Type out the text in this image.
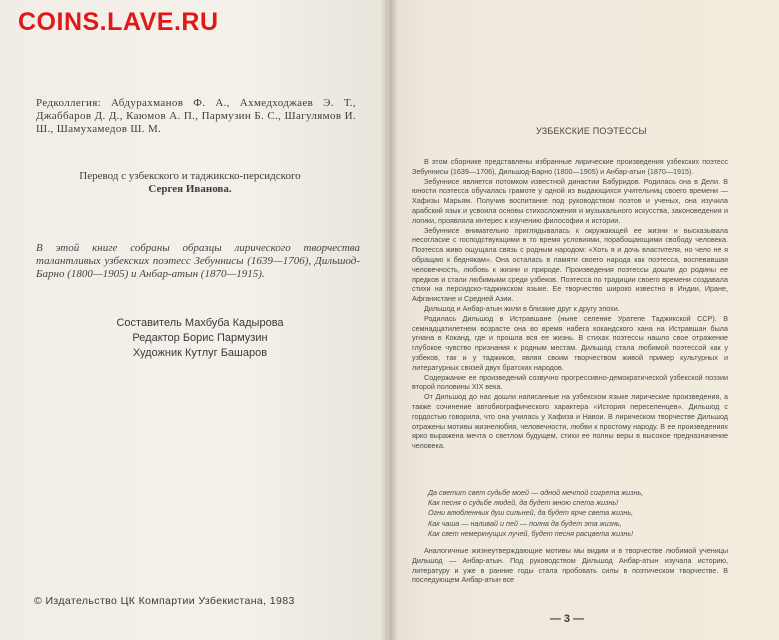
COINS.LAVE.RU
Редколлегия: Абдурахманов Ф. А., Ахмедходжаев Э. Т., Джаббаров Д. Д., Каюмов А. П., Пармузин Б. С., Шагулямов И. Ш., Шамухамедов Ш. М.
Перевод с узбекского и таджикско-персидского
Сергея Иванова.
В этой книге собраны образцы лирического творчества талантливых узбекских поэтесс Зебуннисы (1639—1706), Дильшод-Барно (1800—1905) и Анбар-атын (1870—1915).
Составитель Махбуба Кадырова
Редактор Борис Пармузин
Художник Кутлуг Башаров
© Издательство ЦК Компартии Узбекистана, 1983
УЗБЕКСКИЕ ПОЭТЕССЫ

В этом сборнике представлены избранные лирические произведения узбекских поэтесс Зебуннисы (1639—1706), Дильшод-Барно (1800—1905) и Анбар-атын (1870—1915).

Зебуннисе является потомком известной династии Бабуридов. Родилась она в Дели. В юности поэтесса обучалась грамоте у одной из выдающихся учительниц своего времени — Хафизы Марьям. Получив воспитание под руководством поэтов и ученых, она изучила арабский язык и усвоила основы стихосложения и музыкального искусства, законоведения и логики, проявляла интерес к изучению философии и истории.

Зебуннисе внимательно приглядывалась к окружающей ее жизни и высказывала несогласие с господствующими в то время условиями, порабощающими свободу человека. Поэтесса живо ощущала связь с родным народом: «Хоть я и дочь властителя, но чело не я обращаю к беднякам». Она осталась в памяти своего народа как поэтесса, воспевавшая человечность, любовь к жизни и природе. Произведения поэтессы дошли до родины ее предков и стали любимыми среди узбеков. Поэтесса по традиции своего времени создавала стихи на персидско-таджикском языке. Ее творчество широко известно в Индии, Иране, Афганистане и Средней Азии.

Дильшод и Анбар-атын жили в близкие друг к другу эпохи.

Родилась Дильшод в Истравшане (ныне селение Уратепе Таджикской ССР). В семнадцатилетнем возрасте она во время набега кокандского хана на Истравшан была угнана в Коканд, где и прошла вся ее жизнь. В стихах поэтессы нашло свое отражение глубокое чувство признания к родным местам. Дильшод стала любимой поэтессой как у узбеков, так и у таджиков, являя своим творчеством живой пример культурных и литературных связей двух братских народов.

Содержание ее произведений созвучно прогрессивно-демократической узбекской поэзии второй половины XIX века.

От Дильшод до нас дошли написанные на узбекском языке лирические произведения, а также сочинение автобиографического характера «История переселенцев». Дильшод с гордостью говорила, что она училась у Хафиза и Навои. В лирическом творчестве Дильшод отражены мотивы жизнелюбия, человечности, любви к простому народу. В ее произведениях ярко выражена мечта о светлом будущем, стихи ее полны веры в высокое предназначение человека.

Да светит свет судьбе моей — одной мечтой согрета жизнь,
Как песня о судьбе людей, да будет мною спета жизнь!
Огни влюбленных душ сильней, да будет ярче света жизнь,
Как чаша — наливай и пей — полна да будет эта жизнь,
Как свет немеркнущих лучей, будет песня расцвета жизнь!

Аналогичные жизнеутверждающие мотивы мы видим и в творчестве любимой ученицы Дильшод — Анбар-атын. Под руководством Дильшод Анбар-атын изучала историю, литературу и уже в ранние годы стала пробовать силы в поэтическом творчестве. В последующем Анбар-атын все

— 3 —
